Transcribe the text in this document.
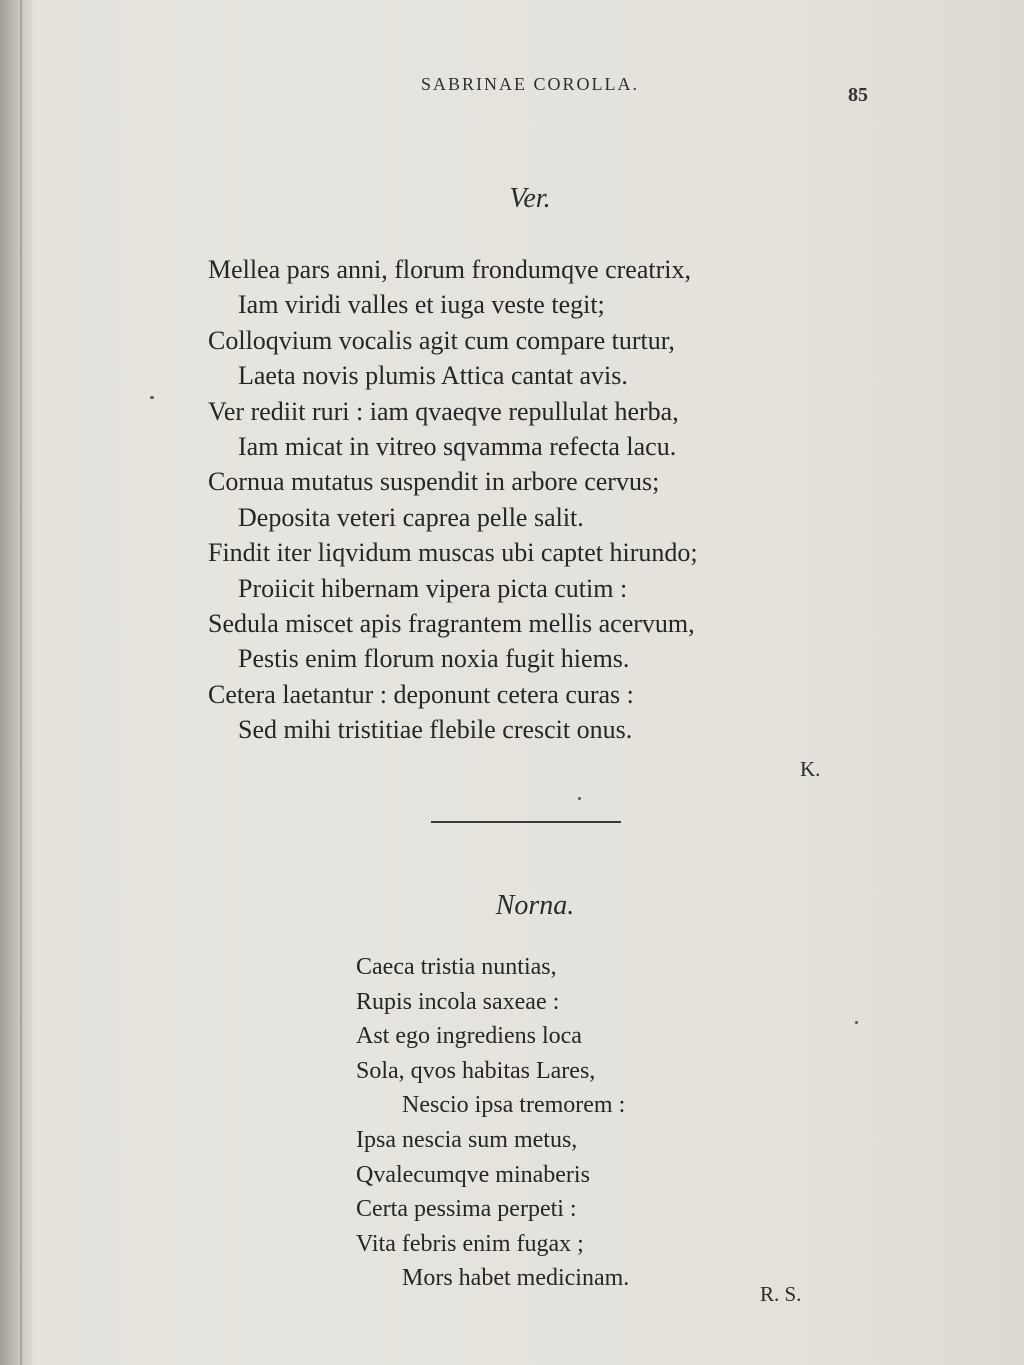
SABRINAE COROLLA.	85
Ver.
Mellea pars anni, florum frondumqve creatrix,
Iam viridi valles et iuga veste tegit;
Colloqvium vocalis agit cum compare turtur,
Laeta novis plumis Attica cantat avis.
Ver rediit ruri : iam qvaeqve repullulat herba,
Iam micat in vitreo sqvamma refecta lacu.
Cornua mutatus suspendit in arbore cervus;
Deposita veteri caprea pelle salit.
Findit iter liqvidum muscas ubi captet hirundo;
Proiicit hibernam vipera picta cutim :
Sedula miscet apis fragrantem mellis acervum,
Pestis enim florum noxia fugit hiems.
Cetera laetantur : deponunt cetera curas :
Sed mihi tristitiae flebile crescit onus.
K.
Norna.
Caeca tristia nuntias,
Rupis incola saxeae :
Ast ego ingrediens loca
Sola, qvos habitas Lares,
Nescio ipsa tremorem :
Ipsa nescia sum metus,
Qvalecumqve minaberis
Certa pessima perpeti :
Vita febris enim fugax ;
Mors habet medicinam.
R. S.
